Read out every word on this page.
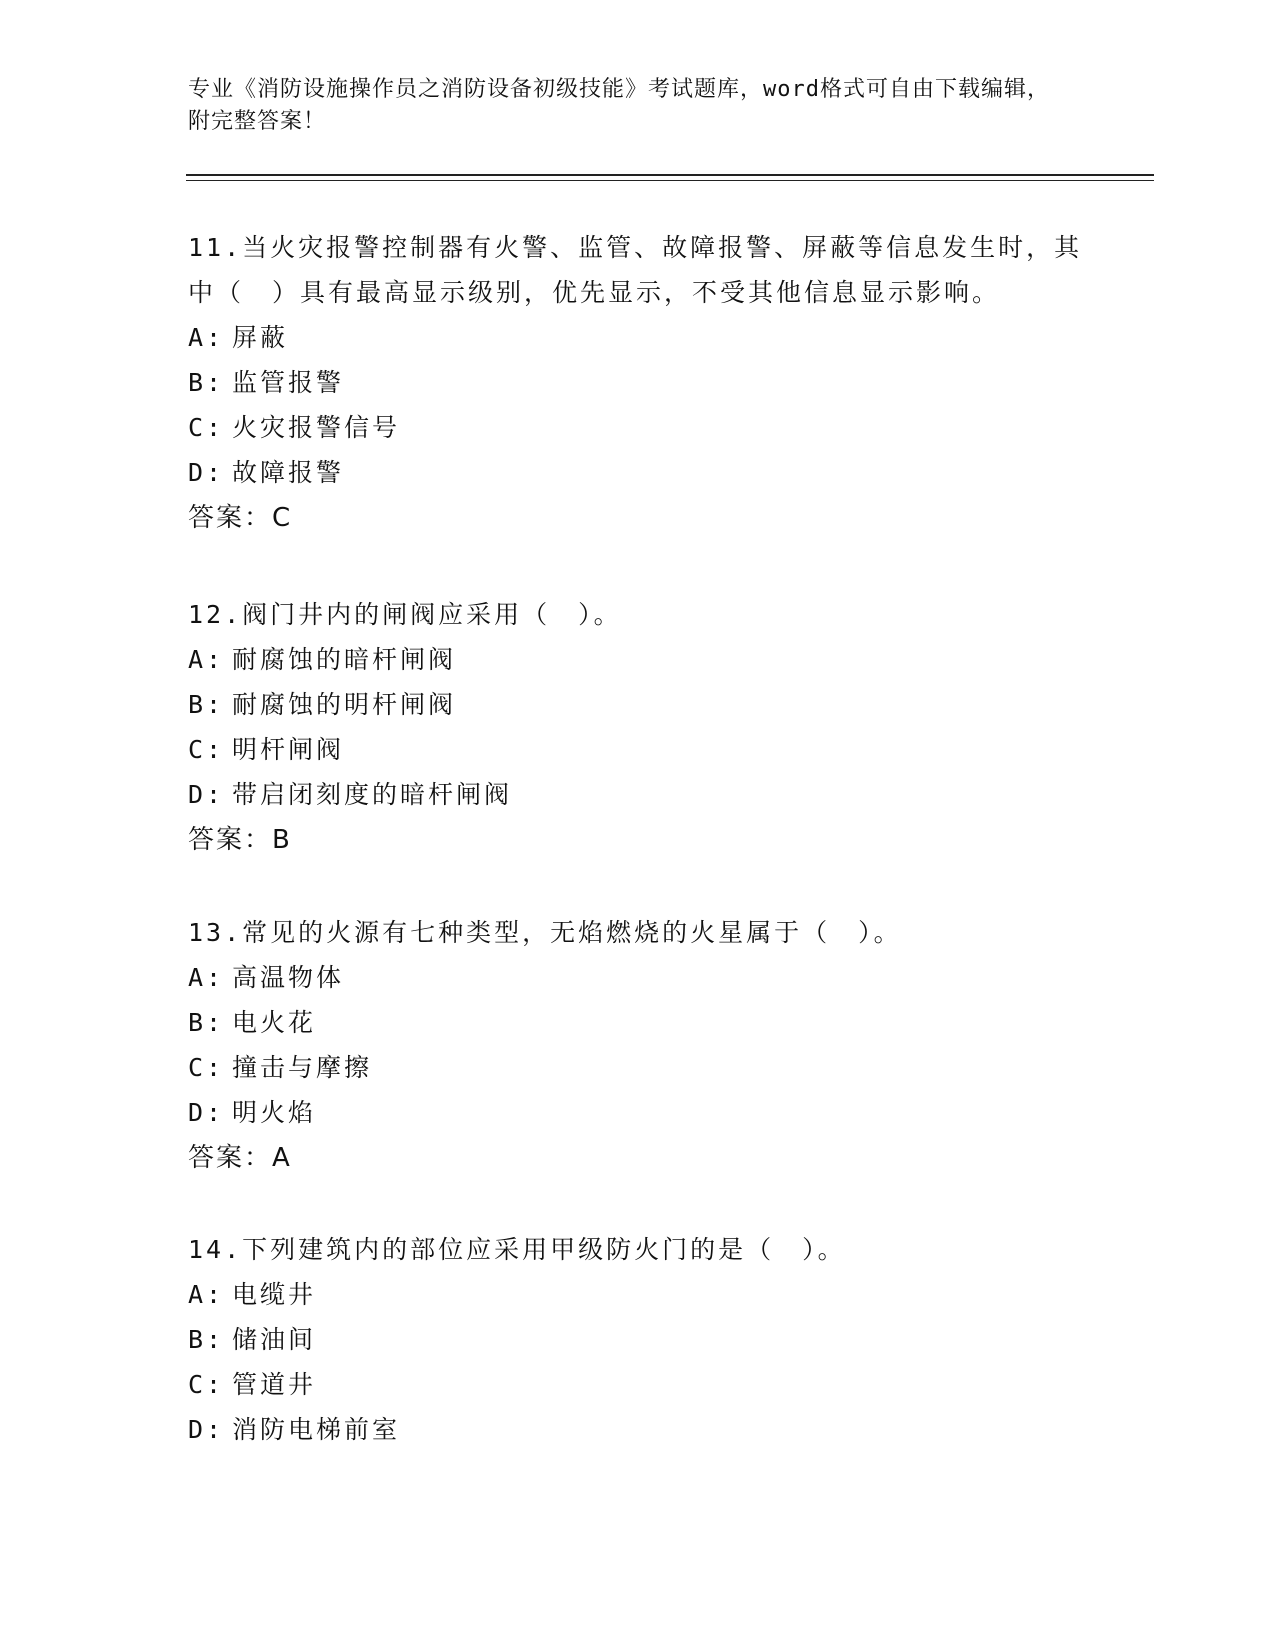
专业《消防设施操作员之消防设备初级技能》考试题库，word格式可自由下载编辑，附完整答案！

11.当火灾报警控制器有火警、监管、故障报警、屏蔽等信息发生时，其中（　）具有最高显示级别，优先显示，不受其他信息显示影响。

A: 屏蔽

B: 监管报警

C: 火灾报警信号

D: 故障报警

答案：C

12.阀门井内的闸阀应采用（　）。

A: 耐腐蚀的暗杆闸阀

B: 耐腐蚀的明杆闸阀

C: 明杆闸阀

D: 带启闭刻度的暗杆闸阀

答案：B

13.常见的火源有七种类型，无焰燃烧的火星属于（　）。

A: 高温物体

B: 电火花

C: 撞击与摩擦

D: 明火焰

答案：A

14.下列建筑内的部位应采用甲级防火门的是（　）。

A: 电缆井

B: 储油间

C: 管道井

D: 消防电梯前室
